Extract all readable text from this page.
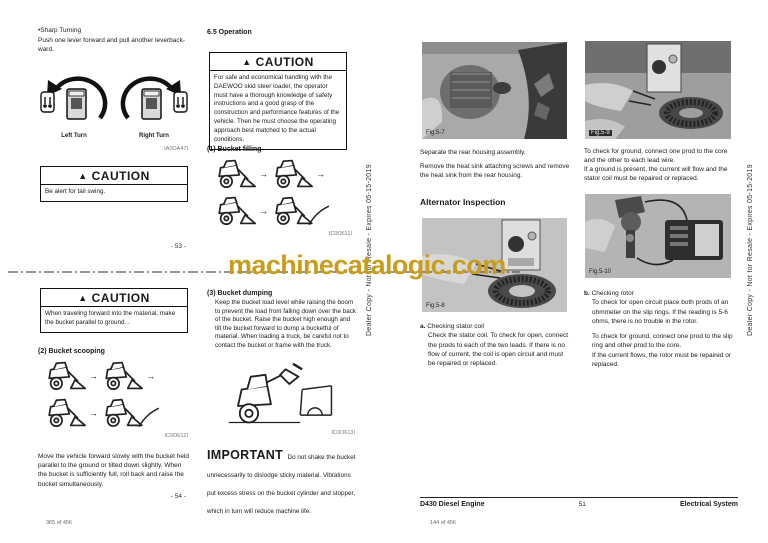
•Sharp Turning
Push one lever forward and pull another leverback-ward.
Left Turn	Right Turn
IA0OA47I
▲ CAUTION
Be alert for tail swing.
- 53 -
▲ CAUTION
When traveling forward into the material, make the bucket parallel to ground. .
(2) Bucket scooping
→	→
→
IC0O612I
Move the vehicle forward slowly with the bucket held parallel to the ground or tilted down slightly. When the bucket is sufficiently full, roll back and raise the bucket simultaneously.
- 54 -
6.5 Operation
▲ CAUTION
For safe and economical handling with the DAEWOO skid steer loader, the operator must have a thorough knowledge of safety instructions and a good grasp of the construction and performance features of the vehicle. Then he must choose the operating approach best matched to the actual conditions.
(1) Bucket filling
→	→
→
IC0O611I
(3) Bucket dumping
Keep the bucket load level while raising the boom to prevent the load from falling down over the back of the bucket. Raise the bucket high enough and tilt the bucket forward to dump a bucketful of material. When loading a truck, be careful not to contact the bucket or frame with the truck.
IC0O613I
IMPORTANT Do not shake the bucket unnecessarily to dislodge sticky material. Vibrations put excess stress on the bucket cylinder and stopper, which in turn will reduce machine life.
Dealer Copy - Not for Resale - Expires 05-15-2019
365 of 456
Fig.5-7
Separate the rear housing assembly.
Remove the heat sink attaching screws and remove the heat sink from the rear housing.
Alternator Inspection
Fig.5-8
a. Checking stator coil
Check the stator coil. To check for open, connect the prods to each of the two leads. If there is no flow of current, the coil is open circuit and must be repaired or replaced.
Fig.5-9
To check for ground, connect one prod to the core and the other to each lead wire.
If a ground is present, the current will flow and the stator coil must be repaired or replaced.
Fig.5-10
b. Checking rotor
To check for open circuit place both prods of an ohmmeter on the slip rings. If the reading is 5-6 ohms, there is no trouble in the rotor.
To check for ground, connect one prod to the slip ring and other prod to the core.
If the current flows, the rotor must be repaired or replaced.
Dealer Copy - Not for Resale - Expires 05-15-2019
D430 Diesel Engine	51	Electrical System
144 of 456
machinecatalogic.com
